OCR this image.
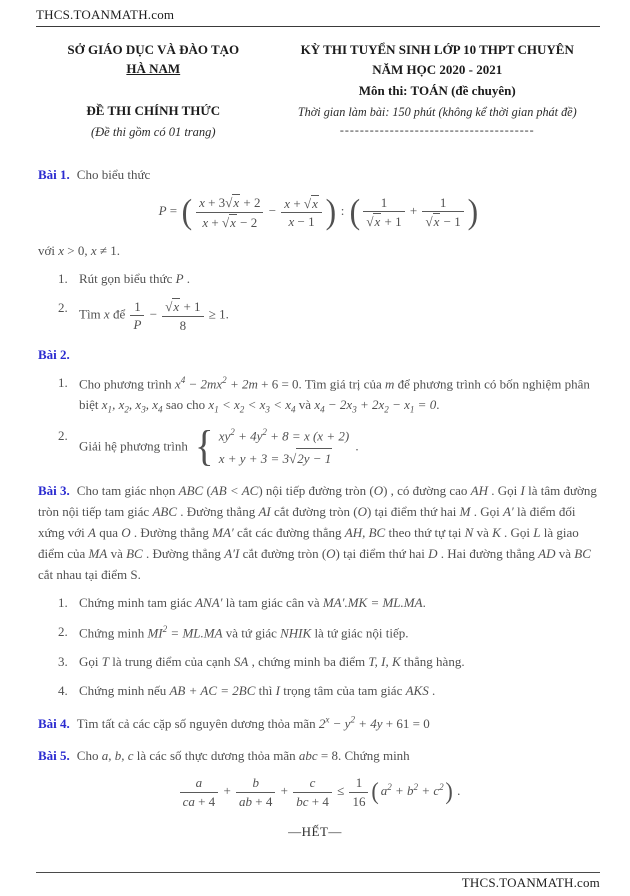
THCS.TOANMATH.com
SỞ GIÁO DỤC VÀ ĐÀO TẠO
HÀ NAM
ĐỀ THI CHÍNH THỨC
(Đề thi gồm có 01 trang)
KỲ THI TUYỂN SINH LỚP 10 THPT CHUYÊN
NĂM HỌC 2020 - 2021
Môn thi: TOÁN (đề chuyên)
Thời gian làm bài: 150 phút (không kể thời gian phát đề)
---------------------------------------
Bài 1. Cho biểu thức
P = ( $\frac{x + 3√x + 2}{x + √x - 2} - \frac{x + √x}{x - 1}$ ) : ( $\frac{1}{√x + 1} + \frac{1}{√x - 1}$ )
với x > 0, x ≠ 1.
1. Rút gọn biểu thức P .
2. Tìm x để $\frac{1}{P} - \frac{√x + 1}{8} \ge 1$.
Bài 2.
1. Cho phương trình $x^4 - 2mx^2 + 2m + 6 = 0$. Tìm giá trị của m để phương trình có bốn nghiệm phân biệt $x_1$, $x_2$, $x_3$, $x_4$ sao cho $x_1 < x_2 < x_3 < x_4$ và $x_4 - 2x_3 + 2x_2 - x_1 = 0$.
2.
Giải hệ phương trình { $xy^2 + 4y^2 + 8 = x$ (x + 2)
x + y + 3 = 3√2y − 1
.
Bài 3. Cho tam giác nhọn ABC (AB < AC) nội tiếp đường tròn (O) , có đường cao AH . Gọi I là tâm đường tròn nội tiếp tam giác ABC . Đường thẳng AI cắt đường tròn (O) tại điểm thứ hai M . Gọi A′ là điểm đối xứng với A qua O . Đường thẳng MA′ cắt các đường thẳng AH, BC theo thứ tự tại N và K . Gọi L là giao điểm của MA và BC . Đường thẳng A′I cắt đường tròn (O) tại điểm thứ hai D . Hai đường thẳng AD và BC cắt nhau tại điểm S.
1. Chứng minh tam giác ANA′ là tam giác cân và MA′.MK = ML.MA.
2. Chứng minh $MI^2 = ML.MA$ và tứ giác NHIK là tứ giác nội tiếp.
3. Gọi T là trung điểm của cạnh SA , chứng minh ba điểm T, I, K thẳng hàng.
4. Chứng minh nếu AB + AC = 2BC thì I trọng tâm của tam giác AKS .
Bài 4. Tìm tất cả các cặp số nguyên dương thỏa mãn $2^x - y^2 + 4y + 61 = 0$
Bài 5. Cho a, b, c là các số thực dương thỏa mãn abc = 8. Chứng minh
$\frac{a}{ca + 4} + \frac{b}{ab + 4} + \frac{c}{bc + 4} \le \frac{1}{16} (a^2 + b^2 + c^2)$ .
—HẾT—
THCS.TOANMATH.com
